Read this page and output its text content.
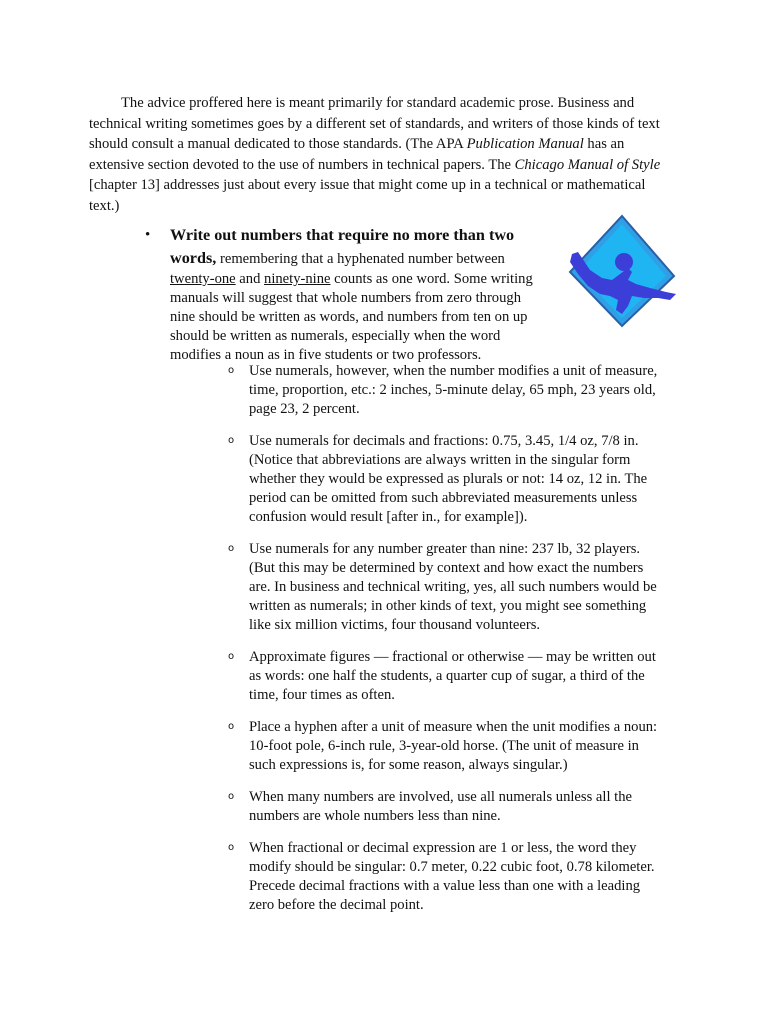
The advice proffered here is meant primarily for standard academic prose. Business and technical writing sometimes goes by a different set of standards, and writers of those kinds of text should consult a manual dedicated to those standards. (The APA Publication Manual has an extensive section devoted to the use of numbers in technical papers. The Chicago Manual of Style [chapter 13] addresses just about every issue that might come up in a technical or mathematical text.)

• Write out numbers that require no more than two words, remembering that a hyphenated number between twenty-one and ninety-nine counts as one word. Some writing manuals will suggest that whole numbers from zero through nine should be written as words, and numbers from ten on up should be written as numerals, especially when the word modifies a noun as in five students or two professors.

o Use numerals, however, when the number modifies a unit of measure, time, proportion, etc.: 2 inches, 5-minute delay, 65 mph, 23 years old, page 23, 2 percent.
o Use numerals for decimals and fractions: 0.75, 3.45, 1/4 oz, 7/8 in. (Notice that abbreviations are always written in the singular form whether they would be expressed as plurals or not: 14 oz, 12 in. The period can be omitted from such abbreviated measurements unless confusion would result [after in., for example]).
o Use numerals for any number greater than nine: 237 lb, 32 players. (But this may be determined by context and how exact the numbers are. In business and technical writing, yes, all such numbers would be written as numerals; in other kinds of text, you might see something like six million victims, four thousand volunteers.
o Approximate figures — fractional or otherwise — may be written out as words: one half the students, a quarter cup of sugar, a third of the time, four times as often.
o Place a hyphen after a unit of measure when the unit modifies a noun: 10-foot pole, 6-inch rule, 3-year-old horse. (The unit of measure in such expressions is, for some reason, always singular.)
o When many numbers are involved, use all numerals unless all the numbers are whole numbers less than nine.
o When fractional or decimal expression are 1 or less, the word they modify should be singular: 0.7 meter, 0.22 cubic foot, 0.78 kilometer. Precede decimal fractions with a value less than one with a leading zero before the decimal point.
